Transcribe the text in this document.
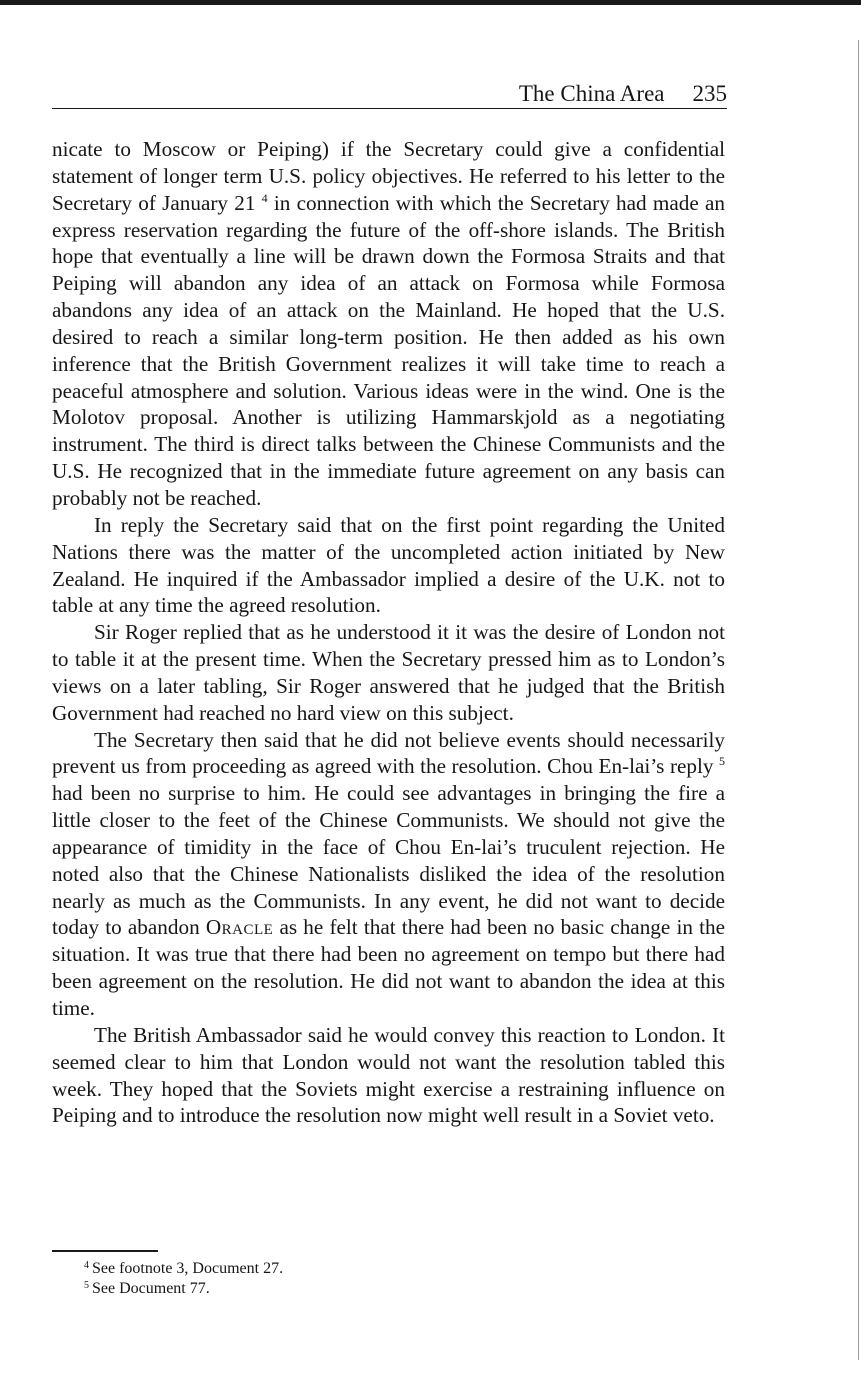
The China Area 235

nicate to Moscow or Peiping) if the Secretary could give a confidential statement of longer term U.S. policy objectives. He referred to his letter to the Secretary of January 21 $^4$ in connection with which the Secretary had made an express reservation regarding the future of the off-shore islands. The British hope that eventually a line will be drawn down the Formosa Straits and that Peiping will abandon any idea of an attack on Formosa while Formosa abandons any idea of an attack on the Mainland. He hoped that the U.S. desired to reach a similar long-term position. He then added as his own inference that the British Government realizes it will take time to reach a peaceful atmosphere and solution. Various ideas were in the wind. One is the Molotov proposal. Another is utilizing Hammarskjold as a negotiating instrument. The third is direct talks between the Chinese Communists and the U.S. He recognized that in the immediate future agreement on any basis can probably not be reached.

In reply the Secretary said that on the first point regarding the United Nations there was the matter of the uncompleted action initiated by New Zealand. He inquired if the Ambassador implied a desire of the U.K. not to table at any time the agreed resolution.

Sir Roger replied that as he understood it it was the desire of London not to table it at the present time. When the Secretary pressed him as to London’s views on a later tabling, Sir Roger answered that he judged that the British Government had reached no hard view on this subject.

The Secretary then said that he did not believe events should necessarily prevent us from proceeding as agreed with the resolution. Chou En-lai’s reply $^5$ had been no surprise to him. He could see advantages in bringing the fire a little closer to the feet of the Chinese Communists. We should not give the appearance of timidity in the face of Chou En-lai’s truculent rejection. He noted also that the Chinese Nationalists disliked the idea of the resolution nearly as much as the Communists. In any event, he did not want to decide today to abandon Oracle as he felt that there had been no basic change in the situation. It was true that there had been no agreement on tempo but there had been agreement on the resolution. He did not want to abandon the idea at this time.

The British Ambassador said he would convey this reaction to London. It seemed clear to him that London would not want the resolution tabled this week. They hoped that the Soviets might exercise a restraining influence on Peiping and to introduce the resolution now might well result in a Soviet veto.

$^4$ See footnote 3, Document 27.

$^5$ See Document 77.
